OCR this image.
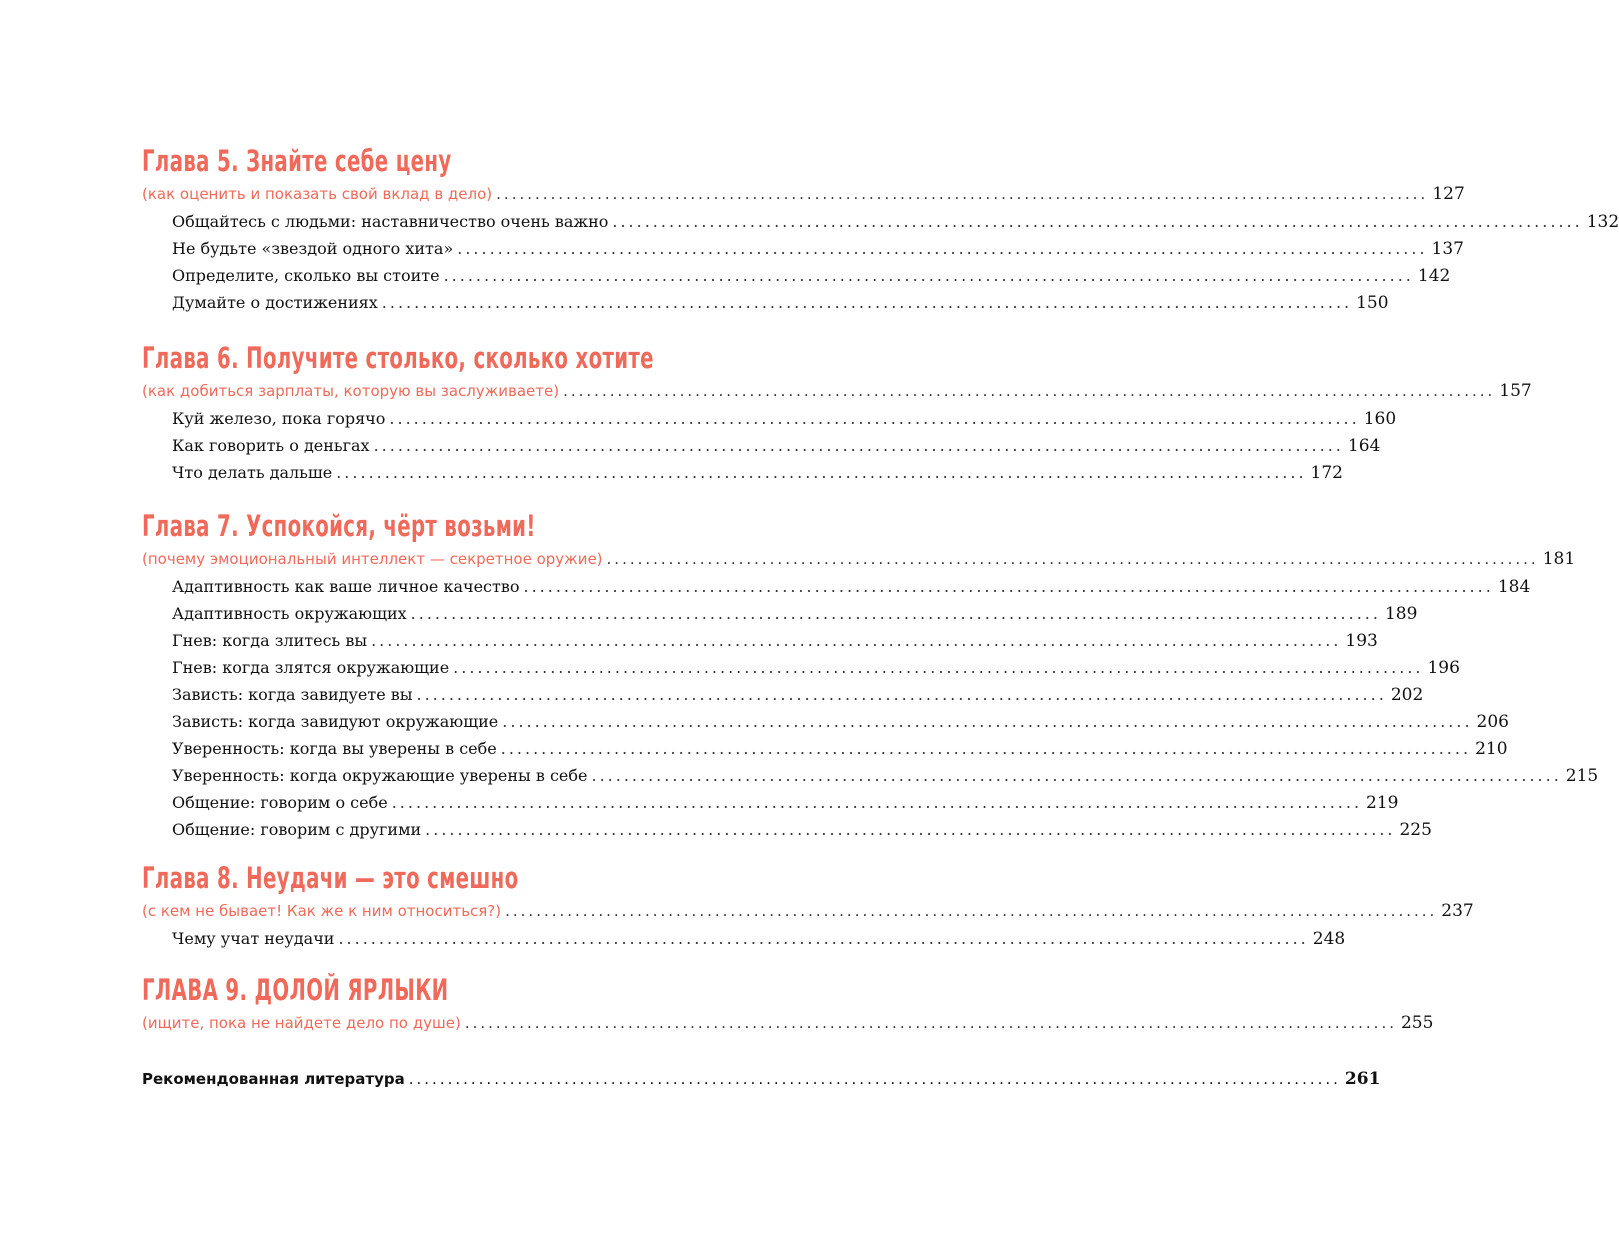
Глава 5. Знайте себе цену
(как оценить и показать свой вклад в дело) ........................................................................................................................ 127
Общайтесь с людьми: наставничество очень важно ........................................................................................................................ 132
Не будьте «звездой одного хита» ........................................................................................................................ 137
Определите, сколько вы стоите ........................................................................................................................ 142
Думайте о достижениях ........................................................................................................................ 150
Глава 6. Получите столько, сколько хотите
(как добиться зарплаты, которую вы заслуживаете) ........................................................................................................................ 157
Куй железо, пока горячо ........................................................................................................................ 160
Как говорить о деньгах ........................................................................................................................ 164
Что делать дальше ........................................................................................................................ 172
Глава 7. Успокойся, чёрт возьми!
(почему эмоциональный интеллект — секретное оружие) ........................................................................................................................ 181
Адаптивность как ваше личное качество ........................................................................................................................ 184
Адаптивность окружающих ........................................................................................................................ 189
Гнев: когда злитесь вы ........................................................................................................................ 193
Гнев: когда злятся окружающие ........................................................................................................................ 196
Зависть: когда завидуете вы ........................................................................................................................ 202
Зависть: когда завидуют окружающие ........................................................................................................................ 206
Уверенность: когда вы уверены в себе ........................................................................................................................ 210
Уверенность: когда окружающие уверены в себе ........................................................................................................................ 215
Общение: говорим о себе ........................................................................................................................ 219
Общение: говорим с другими ........................................................................................................................ 225
Глава 8. Неудачи — это смешно
(с кем не бывает! Как же к ним относиться?) ........................................................................................................................ 237
Чему учат неудачи ........................................................................................................................ 248
ГЛАВА 9. ДОЛОЙ ЯРЛЫКИ
(ищите, пока не найдете дело по душе) ........................................................................................................................ 255
Рекомендованная литература ........................................................................................................................ 261
